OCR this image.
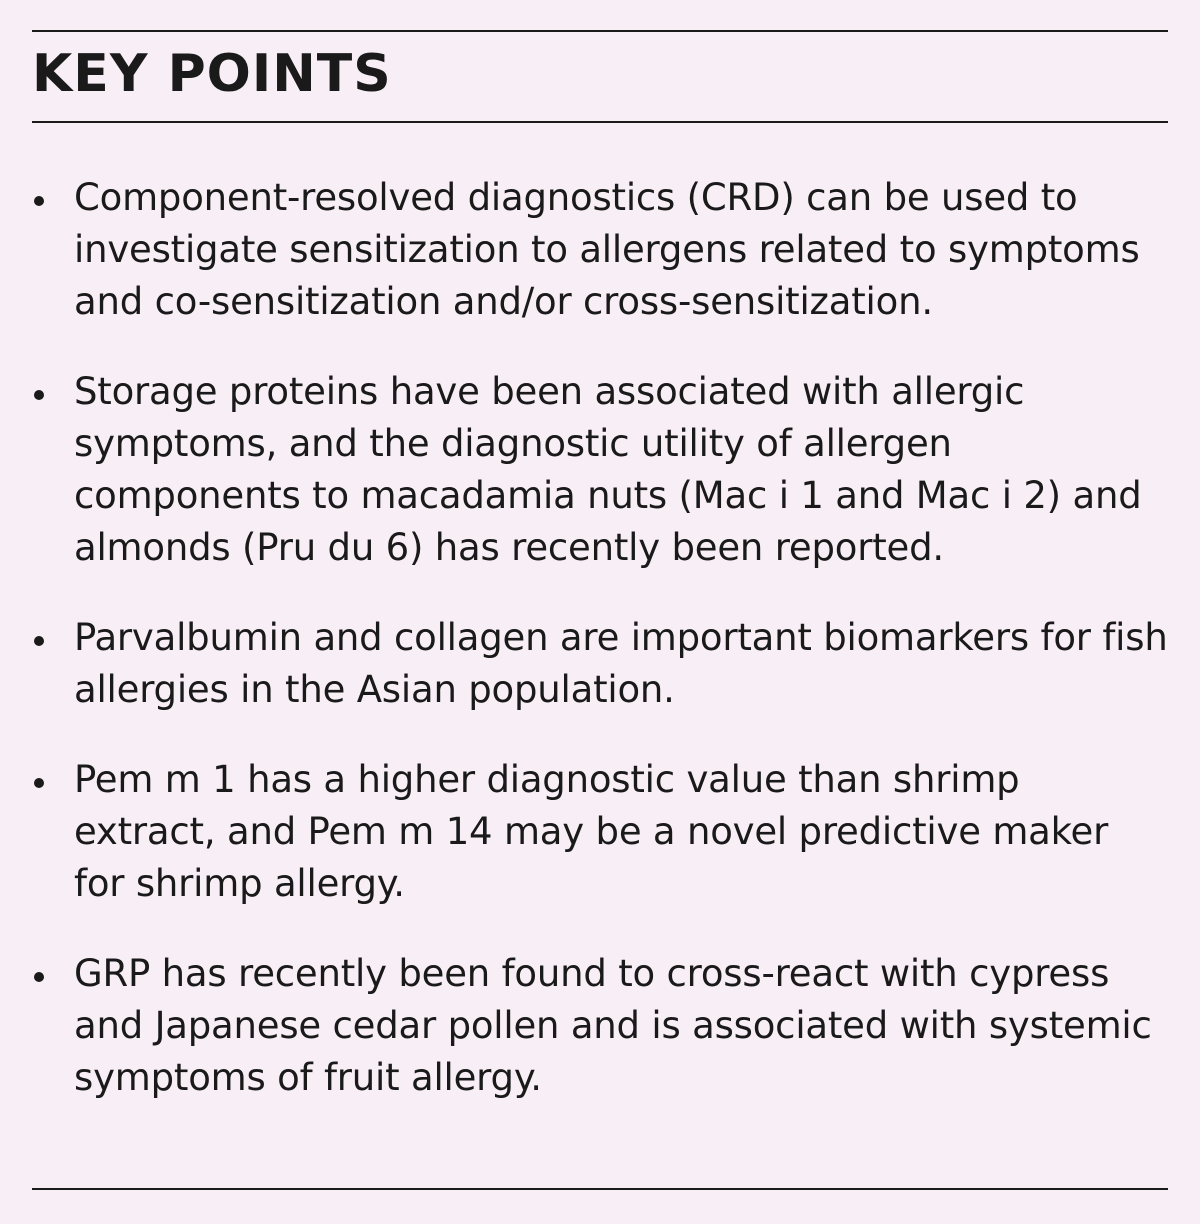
KEY POINTS
Component-resolved diagnostics (CRD) can be used to investigate sensitization to allergens related to symptoms and co-sensitization and/or cross-sensitization.
Storage proteins have been associated with allergic symptoms, and the diagnostic utility of allergen components to macadamia nuts (Mac i 1 and Mac i 2) and almonds (Pru du 6) has recently been reported.
Parvalbumin and collagen are important biomarkers for fish allergies in the Asian population.
Pem m 1 has a higher diagnostic value than shrimp extract, and Pem m 14 may be a novel predictive maker for shrimp allergy.
GRP has recently been found to cross-react with cypress and Japanese cedar pollen and is associated with systemic symptoms of fruit allergy.
